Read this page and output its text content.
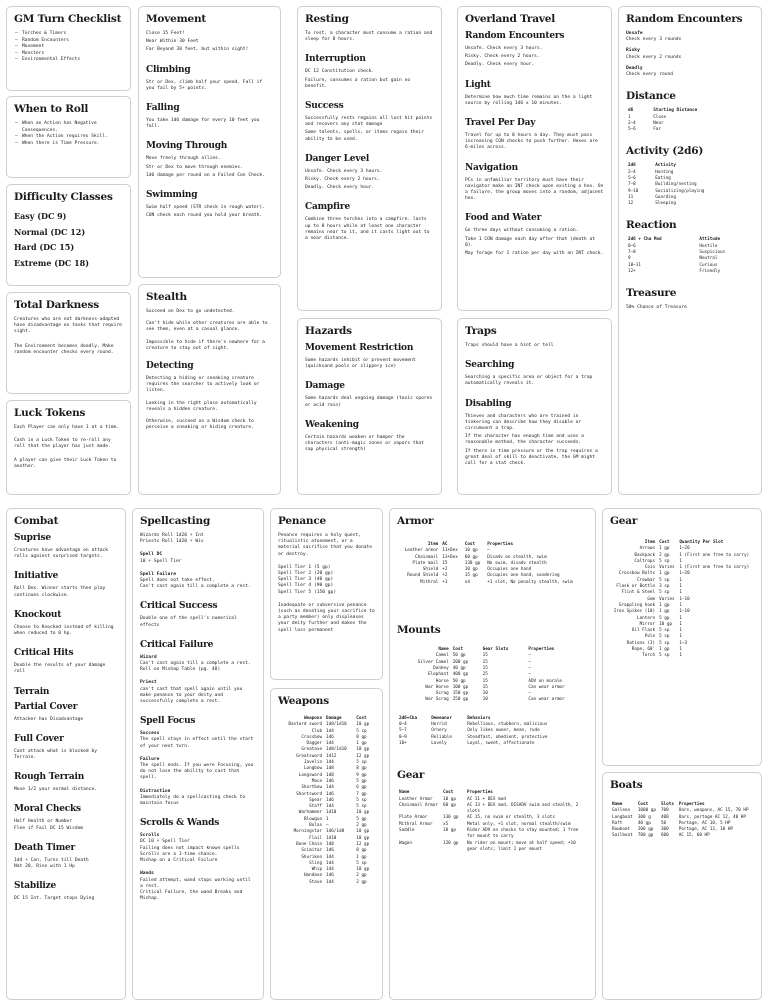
GM Turn Checklist
– Torches & Timers
– Random Encounters
– Movement
– Monsters
– Environmental Effects
When to Roll
– When an Action has Negative Consequences.
– When the Action requires Skill.
– When there is Time Pressure.
Difficulty Classes
Easy (DC 9)
Normal (DC 12)
Hard (DC 15)
Extreme (DC 18)
Total Darkness

Creatures who are not darkness-adapted have disadvantage on tasks that require sight.

The Environment becomes deadly. Make random encounter checks every round.

Luck Tokens

Each Player can only have 1 at a time.

Cash in a Luck Token to re-roll any roll that the player has just made.

A player can give their Luck Token to another.

Movement

Close 15 Feet!

Near Within 30 Feet

Far Beyond 30 feet, but within sight!

Climbing

Str or Dex, climb half your speed. Fall if you fail by 5+ points.

Falling

You take 1d6 damage for every 10 feet you fall.

Moving Through

Move freely through allies.

Str or Dex to move through enemies.

1d6 damage per round on a Failed Con Check.

Swimming

Swim half speed (STR check in rough water).

CON check each round you hold your breath.

Stealth

Succeed on Dex to go undetected.

Can't hide while other creatures are able to see them, even at a casual glance.

Impossible to hide if there's nowhere for a creature to stay out of sight.

Detecting

Detecting a hiding or sneaking creature requires the searcher to actively look or listen.

Looking in the right place automatically reveals a hidden creature.

Otherwise, succeed on a Wisdom check to perceive a sneaking or hiding creature.

Resting

To rest, a character must consume a ration and sleep for 8 hours.

Interruption

DC 12 Constitution check.

Failure, consumes a ration but gain no benefit.

Success

Successfully rests regains all lost hit points and recovers any stat damage

Some talents, spells, or items regain their ability to be used.

Danger Level

Unsafe. Check every 3 hours.

Risky. Check every 2 hours.

Deadly. Check every hour.

Campfire

Combine three torches into a campfire. lasts up to 8 hours while at least one character remains near to it, and it casts light out to a near distance.

Hazards
Movement Restriction

Some hazards inhibit or prevent movement (quicksand pools or slippery ice)

Damage

Some hazards deal ongoing damage (toxic spores or acid rain)

Weakening

Certain hazards weaken or hamper the characters (anti-magic zones or vapors that sap physical strength)

Overland Travel
Random Encounters

Unsafe. Check every 3 hours.

Risky. Check every 2 hours.

Deadly. Check every hour.

Light

Determine how much time remains on the a light source by rolling 1d6 x 10 minutes.

Travel Per Day

Travel for up to 8 hours a day. They must pass increasing CON checks to push further. Hexes are 6-miles across.

Navigation

PCs in unfamiliar territory must have their navigator make an INT check upon exiting a hex. On a failure, the group moves into a random, adjacent hex.

Food and Water

Go three days without consuming a ration.

Take 1 CON damage each day after that (death at 0).

May forage for 1 ration per day with an INT check.

Traps

Traps should have a hint or tell

Searching

Searching a specific area or object for a trap automatically reveals it.

Disabling

Thieves and characters who are trained in tinkering can describe how they disable or circumvent a trap.

If the character has enough time and uses a reasonable method, the character succeeds.

If there is time pressure or the trap requires a great deal of skill to deactivate, the GM might call for a stat check.

Random Encounters

Unsafe

Check every 3 rounds

Risky

Check every 2 rounds

Deadly

Check every round

Distance
d6	Starting Distance
1	Close
2–4	Near
5–6	Far
Activity (2d6)
2d6	Activity
2–4	Hunting
5–6	Eating
7–8	Building/nesting
9–10	Socializing/playing
11	Guarding
12	Sleeping
Reaction
2d6 + Cha Mod	Attitude
0–6	Hostile
7–8	Suspicious
9	Neutral
10–11	Curious
12+	Friendly
Treasure

50% Chance of Treasure

Combat
Suprise

Creatures have advantage on attack rolls against surprised targets.

Initiative

Roll Dex. Winner starts then play continues clockwise.

Knockout

Choose to Knocked instead of killing when reduced to 0 hp.

Critical Hits

Double the results of your damage roll

Terrain
Partial Cover

Attacker has Disadvantage

Full Cover

Cant attack what is blocked by Terrain.

Rough Terrain

Move 1/2 your normal distance.

Moral Checks

Half Health or Number

Flee if Fail DC 15 Wisdom

Death Timer

1d4 + Con, Turns till Death

Nat 20, Rise with 1 Hp

Stabilize

DC 15 Int. Target stops Dying

Spellcasting

Wizards Roll 1d20 + Int

Priests Roll 1d20 + Wis

Spell DC

10 + Spell Tier

Spell Failure

Spell does not take effect.

Can't cast again till a complete a rest.

Critical Success

Double one of the spell's numerical effects

Critical Failure

Wizard

Can't cast again till a complete a rest.

Roll on Mishap Table (pg. 48)

Priest

can't cast that spell again until you make penance to your deity and successfully complete a rest.

Spell Focus

Success

The spell stays in effect until the start of your next turn.

Failure

The spell ends. If you were Focusing, you do not lose the ability to cast that spell.

Distraction

Immediately do a spellcasting check to maintain focus

Scrolls & Wands

Scrolls

DC 10 + Spell Tier

Failing does not impact known spells

Scrolls are a 1-time chance.

Mishap on a Critical Failure

Wands

Failed attempt, wand stops working until a rest.

Critical Failure, the wand Breaks and Mishap.

Penance

Penance requires a holy quest, ritualistic atonement, or a material sacrifice that you donate or destroy.

Spell Tier 1 (5 gp)

Spell Tier 2 (20 gp)

Spell Tier 3 (40 gp)

Spell Tier 4 (90 gp)

Spell Tier 5 (150 gp)

Inadequate or subversive penance (such as donating your sacrifice to a party member) only displeases your deity further and makes the spell loss permanent

Weapons
Weapons	Damage	Cost
Bastard sword	1d8/1d10	10 gp
Club	1d4	5 cp
Crossbow	1d6	8 gp
Dagger	1d4	1 gp
Greataxe	1d8/1d10	10 gp
Greatsword	1d12	12 gp
Javelin	1d4	5 sp
Longbow	1d8	8 gp
Longsword	1d8	9 gp
Mace	1d6	5 gp
Shortbow	1d4	6 gp
Shortsword	1d6	7 gp
Spear	1d6	5 sp
Staff	1d4	5 sp
Warhammer	1d10	10 gp
Blowgun	1	5 gp
Bolas	–	2 gp
Morningstar	1d6/1d8	10 gp
Flail	1d10	10 gp
Bone Chain	1d8	12 gp
Scimitar	1d6	8 gp
Shuriken	1d4	1 gp
Sling	1d4	5 sp
Whip	1d4	10 gp
Handaxe	1d6	2 gp
Stave	1d4	2 gp
Armor
Item	AC	Cost	Properties
Leather armor	11+Dex	10 gp	–
Chainmail	13+Dex	60 gp	Disadv on stealth, swim
Plate mail	15	130 gp	No swim, disadv stealth
Shield	+2	10 gp	Occupies one hand
Round Shield	+2	15 gp	Occupies one hand, sundering
Mithral	+1	x4	+1 slot, No penalty stealth, swim
Mounts
Name	Cost	Gear Slots	Properties
Camel	50 gp	15	–
Silver Camel	200 gp	15	–
Donkey	40 gp	15	–
Elephant	400 gp	25	–
Horse	50 gp	15	ADV on morale
War Horse	100 gp	15	Can wear armor
Scrag	150 gp	10	–
War Scrag	250 gp	10	Can wear armor
2d6+Cha	Demeanor	Behaviors
0–4	Horrid	Rebellious, stubborn, malicious
5–7	Ornery	Only likes owner, mean, rude
8–9	Reliable	Steadfast, obedient, protective
10+	Lovely	Loyal, sweet, affectionate
Gear
Name	Cost	Properties
Leather Armor	10 gp	AC 11 + DEX mod
Chainmail Armor	60 gp	AC 13 + DEX mod, DISADV swim and stealth, 2 slots
Plate Armor	130 gp	AC 15, no swim or stealth, 3 slots
Mithral Armor	x5	Metal only, +1 slot, normal stealth/swim
Saddle	10 gp	Rider ADV on checks to stay mounted; 1 free for mount to carry
Wagon	120 gp	No rider on mount; move at half speed; +10 gear slots; limit 1 per mount
Gear
Item	Cost	Quantity Per Slot
Arrows	1 gp	1–20
Backpack	2 gp	1 (First one free to carry)
Caltrops	5 sp	1
Coin	Varies	1 (First one free to carry)
Crossbow Bolts	1 gp	1–20
Crowbar	5 sp	1
Flask or Bottle	3 sp	1
Flint & Steel	5 sp	1
Gem	Varies	1–10
Grappling hook	1 gp	1
Iron Spikes (10)	1 gp	1–10
Lantern	5 gp	1
Mirror	10 gp	1
Oil Flask	5 sp	1
Pole	5 sp	1
Rations (3)	5 sp	1–3
Rope, 60'	1 gp	1
Torch	5 sp	1
Boats
Name	Cost	Slots	Properties
Galleon	1000 gp	700	Oars, weapons, AC 15, 70 HP
Longboat	300 g	400	Oars, portage AC 12, 40 HP
Raft	40 gp	50	Portage, AC 10, 5 HP
Rowboat	200 gp	300	Portage, AC 12, 10 HP
Sailboat	700 gp	600	AC 15, 60 HP
